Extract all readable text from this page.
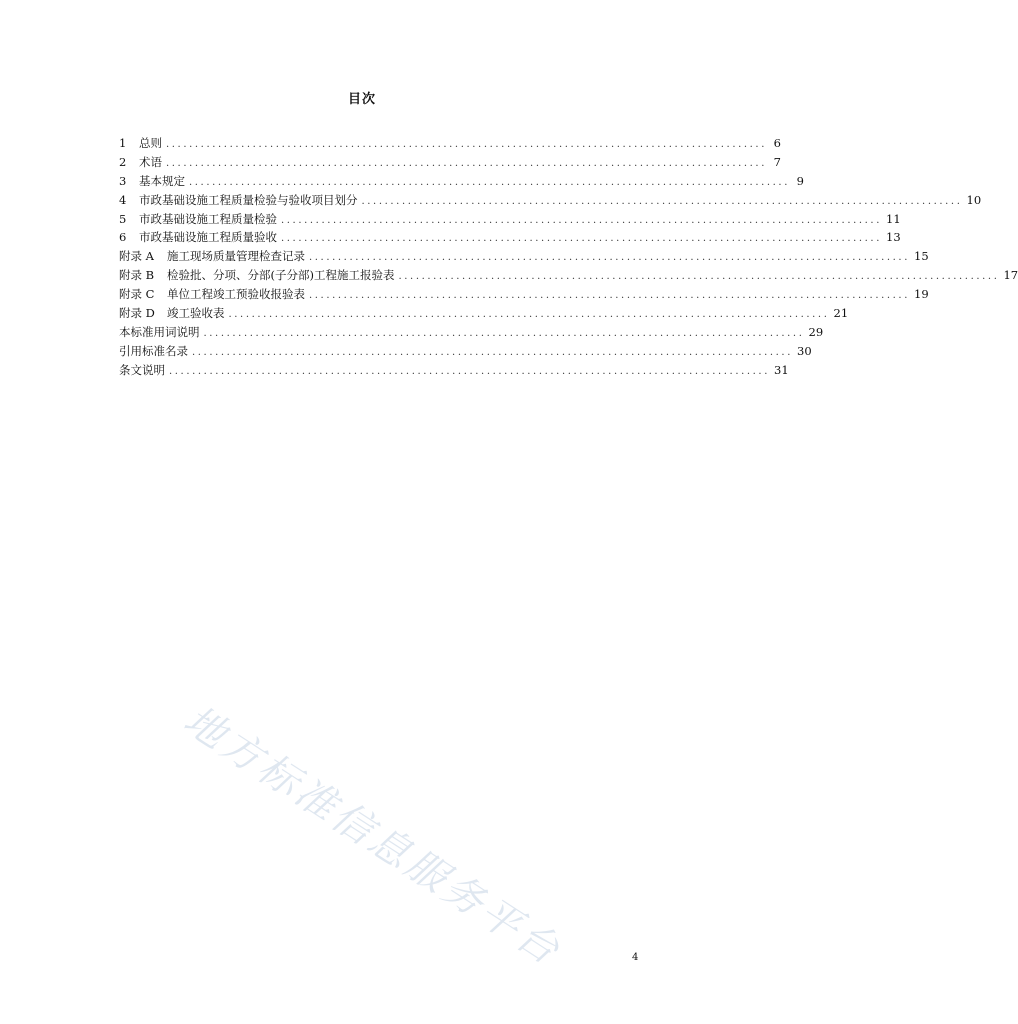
目次
1	总则 ........................................................................................................ 6
2	术语 ........................................................................................................ 7
3	基本规定 ........................................................................................................ 9
4	市政基础设施工程质量检验与验收项目划分 ........................................................................................................ 10
5	市政基础设施工程质量检验 ........................................................................................................ 11
6	市政基础设施工程质量验收 ........................................................................................................ 13
附录 A	施工现场质量管理检查记录 ........................................................................................................ 15
附录 B	检验批、分项、分部(子分部)工程施工报验表 ........................................................................................................ 17
附录 C	单位工程竣工预验收报验表 ........................................................................................................ 19
附录 D	竣工验收表 ........................................................................................................ 21
本标准用词说明 ........................................................................................................ 29
引用标准名录 ........................................................................................................ 30
条文说明 ........................................................................................................ 31
地方标准信息服务平台	4
